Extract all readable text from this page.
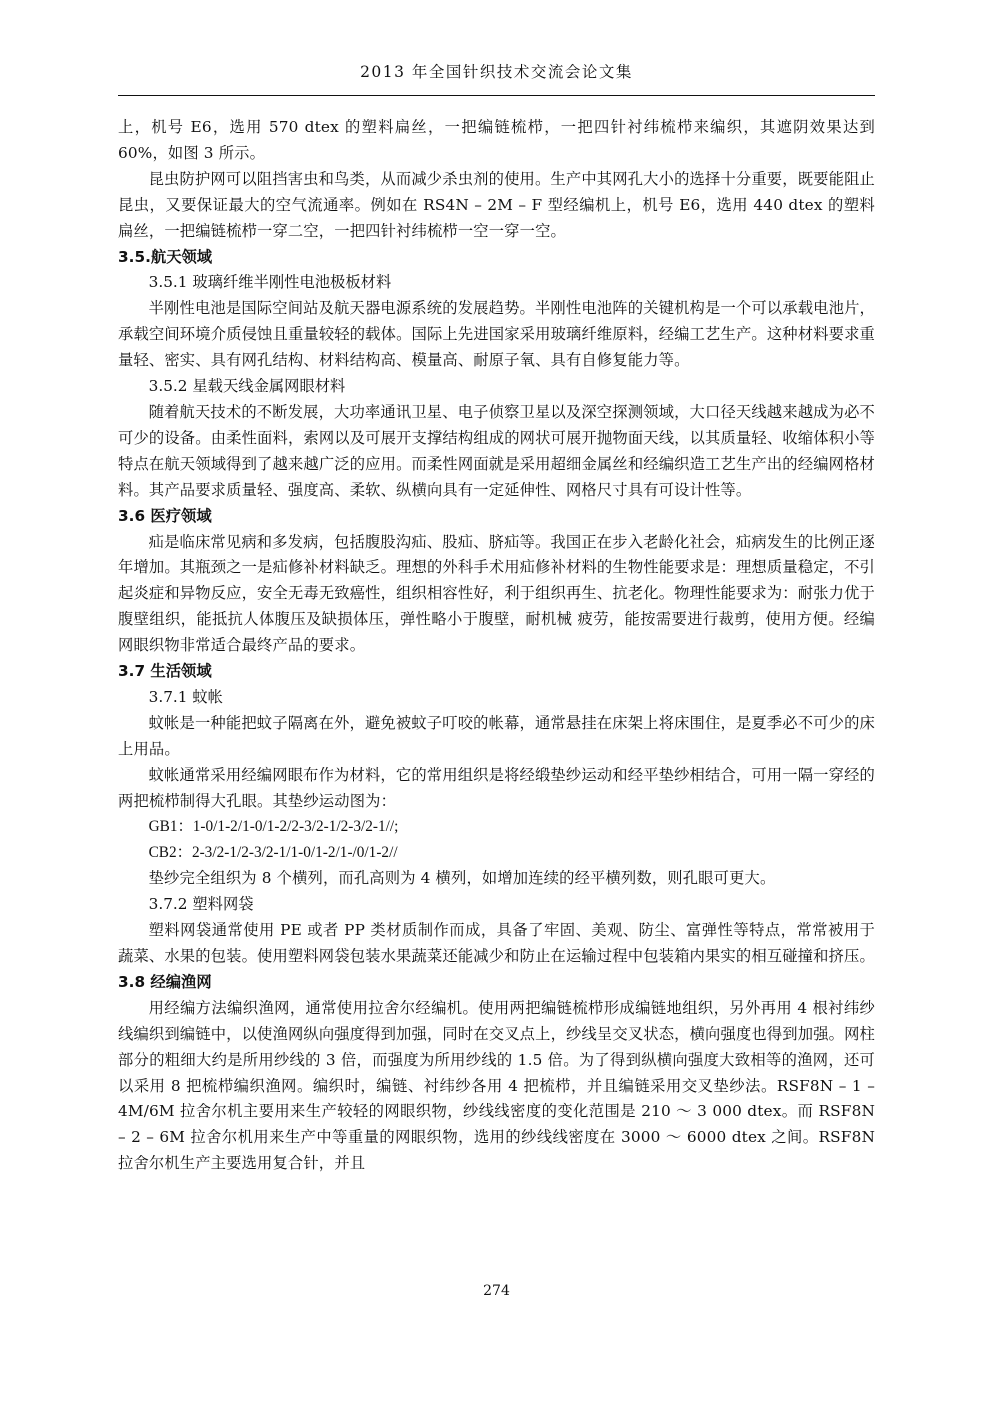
2013 年全国针织技术交流会论文集

上，机号 E6，选用 570 dtex 的塑料扁丝，一把编链梳栉，一把四针衬纬梳栉来编织，其遮阴效果达到 60%，如图 3 所示。

昆虫防护网可以阻挡害虫和鸟类，从而减少杀虫剂的使用。生产中其网孔大小的选择十分重要，既要能阻止昆虫，又要保证最大的空气流通率。例如在 RS4N – 2M – F 型经编机上，机号 E6，选用 440 dtex 的塑料扁丝，一把编链梳栉一穿二空，一把四针衬纬梳栉一空一穿一空。

3.5.航天领域

3.5.1 玻璃纤维半刚性电池极板材料

半刚性电池是国际空间站及航天器电源系统的发展趋势。半刚性电池阵的关键机构是一个可以承载电池片，承载空间环境介质侵蚀且重量较轻的载体。国际上先进国家采用玻璃纤维原料，经编工艺生产。这种材料要求重量轻、密实、具有网孔结构、材料结构高、模量高、耐原子氧、具有自修复能力等。

3.5.2 星载天线金属网眼材料

随着航天技术的不断发展，大功率通讯卫星、电子侦察卫星以及深空探测领域，大口径天线越来越成为必不可少的设备。由柔性面料，索网以及可展开支撑结构组成的网状可展开抛物面天线，以其质量轻、收缩体积小等特点在航天领域得到了越来越广泛的应用。而柔性网面就是采用超细金属丝和经编织造工艺生产出的经编网格材料。其产品要求质量轻、强度高、柔软、纵横向具有一定延伸性、网格尺寸具有可设计性等。

3.6 医疗领域

疝是临床常见病和多发病，包括腹股沟疝、股疝、脐疝等。我国正在步入老龄化社会，疝病发生的比例正逐年增加。其瓶颈之一是疝修补材料缺乏。理想的外科手术用疝修补材料的生物性能要求是：理想质量稳定，不引起炎症和异物反应，安全无毒无致癌性，组织相容性好，利于组织再生、抗老化。物理性能要求为：耐张力优于腹壁组织，能抵抗人体腹压及缺损体压，弹性略小于腹壁，耐机械 疲劳，能按需要进行裁剪，使用方便。经编网眼织物非常适合最终产品的要求。

3.7 生活领域

3.7.1 蚊帐

蚊帐是一种能把蚊子隔离在外，避免被蚊子叮咬的帐幕，通常悬挂在床架上将床围住，是夏季必不可少的床上用品。

蚊帐通常采用经编网眼布作为材料，它的常用组织是将经缎垫纱运动和经平垫纱相结合，可用一隔一穿经的两把梳栉制得大孔眼。其垫纱运动图为：

GB1：1-0/1-2/1-0/1-2/2-3/2-1/2-3/2-1//;

CB2：2-3/2-1/2-3/2-1/1-0/1-2/1-/0/1-2//

垫纱完全组织为 8 个横列，而孔高则为 4 横列，如增加连续的经平横列数，则孔眼可更大。

3.7.2 塑料网袋

塑料网袋通常使用 PE 或者 PP 类材质制作而成，具备了牢固、美观、防尘、富弹性等特点，常常被用于蔬菜、水果的包装。使用塑料网袋包装水果蔬菜还能减少和防止在运输过程中包装箱内果实的相互碰撞和挤压。

3.8 经编渔网

用经编方法编织渔网，通常使用拉舍尔经编机。使用两把编链梳栉形成编链地组织，另外再用 4 根衬纬纱线编织到编链中，以使渔网纵向强度得到加强，同时在交叉点上，纱线呈交叉状态，横向强度也得到加强。网柱部分的粗细大约是所用纱线的 3 倍，而强度为所用纱线的 1.5 倍。为了得到纵横向强度大致相等的渔网，还可以采用 8 把梳栉编织渔网。编织时，编链、衬纬纱各用 4 把梳栉，并且编链采用交叉垫纱法。RSF8N – 1 – 4M/6M 拉舍尔机主要用来生产较轻的网眼织物，纱线线密度的变化范围是 210 ～ 3 000 dtex。而 RSF8N – 2 – 6M 拉舍尔机用来生产中等重量的网眼织物，选用的纱线线密度在 3000 ～ 6000 dtex 之间。RSF8N 拉舍尔机生产主要选用复合针，并且

274
